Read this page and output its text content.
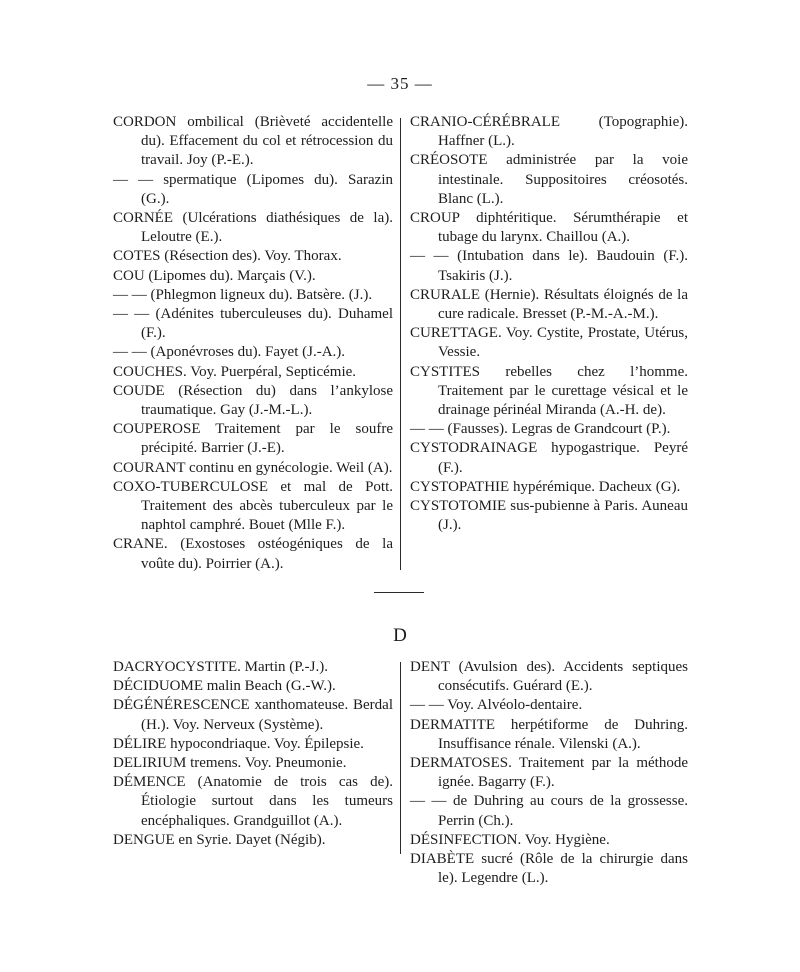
— 35 —

CORDON ombilical (Brièveté accidentelle du). Effacement du col et rétrocession du travail. Joy (P.-E.).

— — spermatique (Lipomes du). Sarazin (G.).

CORNÉE (Ulcérations diathésiques de la). Leloutre (E.).

COTES (Résection des). Voy. Thorax.

COU (Lipomes du). Marçais (V.).

— — (Phlegmon ligneux du). Batsère. (J.).

— — (Adénites tuberculeuses du). Duhamel (F.).

— — (Aponévroses du). Fayet (J.-A.).

COUCHES. Voy. Puerpéral, Septicémie.

COUDE (Résection du) dans l’ankylose traumatique. Gay (J.-M.-L.).

COUPEROSE Traitement par le soufre précipité. Barrier (J.-E).

COURANT continu en gynécologie. Weil (A).

COXO-TUBERCULOSE et mal de Pott. Traitement des abcès tuberculeux par le naphtol camphré. Bouet (Mlle F.).

CRANE. (Exostoses ostéogéniques de la voûte du). Poirrier (A.).

CRANIO-CÉRÉBRALE (Topographie). Haffner (L.).

CRÉOSOTE administrée par la voie intestinale. Suppositoires créosotés. Blanc (L.).

CROUP diphtéritique. Sérumthérapie et tubage du larynx. Chaillou (A.).

— — (Intubation dans le). Baudouin (F.). Tsakiris (J.).

CRURALE (Hernie). Résultats éloignés de la cure radicale. Bresset (P.-M.-A.-M.).

CURETTAGE. Voy. Cystite, Prostate, Utérus, Vessie.

CYSTITES rebelles chez l’homme. Traitement par le curettage vésical et le drainage périnéal Miranda (A.-H. de).

— — (Fausses). Legras de Grandcourt (P.).

CYSTODRAINAGE hypogastrique. Peyré (F.).

CYSTOPATHIE hypérémique. Dacheux (G).

CYSTOTOMIE sus-pubienne à Paris. Auneau (J.).

D

DACRYOCYSTITE. Martin (P.-J.).

DÉCIDUOME malin Beach (G.-W.).

DÉGÉNÉRESCENCE xanthomateuse. Berdal (H.). Voy. Nerveux (Système).

DÉLIRE hypocondriaque. Voy. Épilepsie.

DELIRIUM tremens. Voy. Pneumonie.

DÉMENCE (Anatomie de trois cas de). Étiologie surtout dans les tumeurs encéphaliques. Grandguillot (A.).

DENGUE en Syrie. Dayet (Négib).

DENT (Avulsion des). Accidents septiques consécutifs. Guérard (E.).

— — Voy. Alvéolo-dentaire.

DERMATITE herpétiforme de Duhring. Insuffisance rénale. Vilenski (A.).

DERMATOSES. Traitement par la méthode ignée. Bagarry (F.).

— — de Duhring au cours de la grossesse. Perrin (Ch.).

DÉSINFECTION. Voy. Hygiène.

DIABÈTE sucré (Rôle de la chirurgie dans le). Legendre (L.).
